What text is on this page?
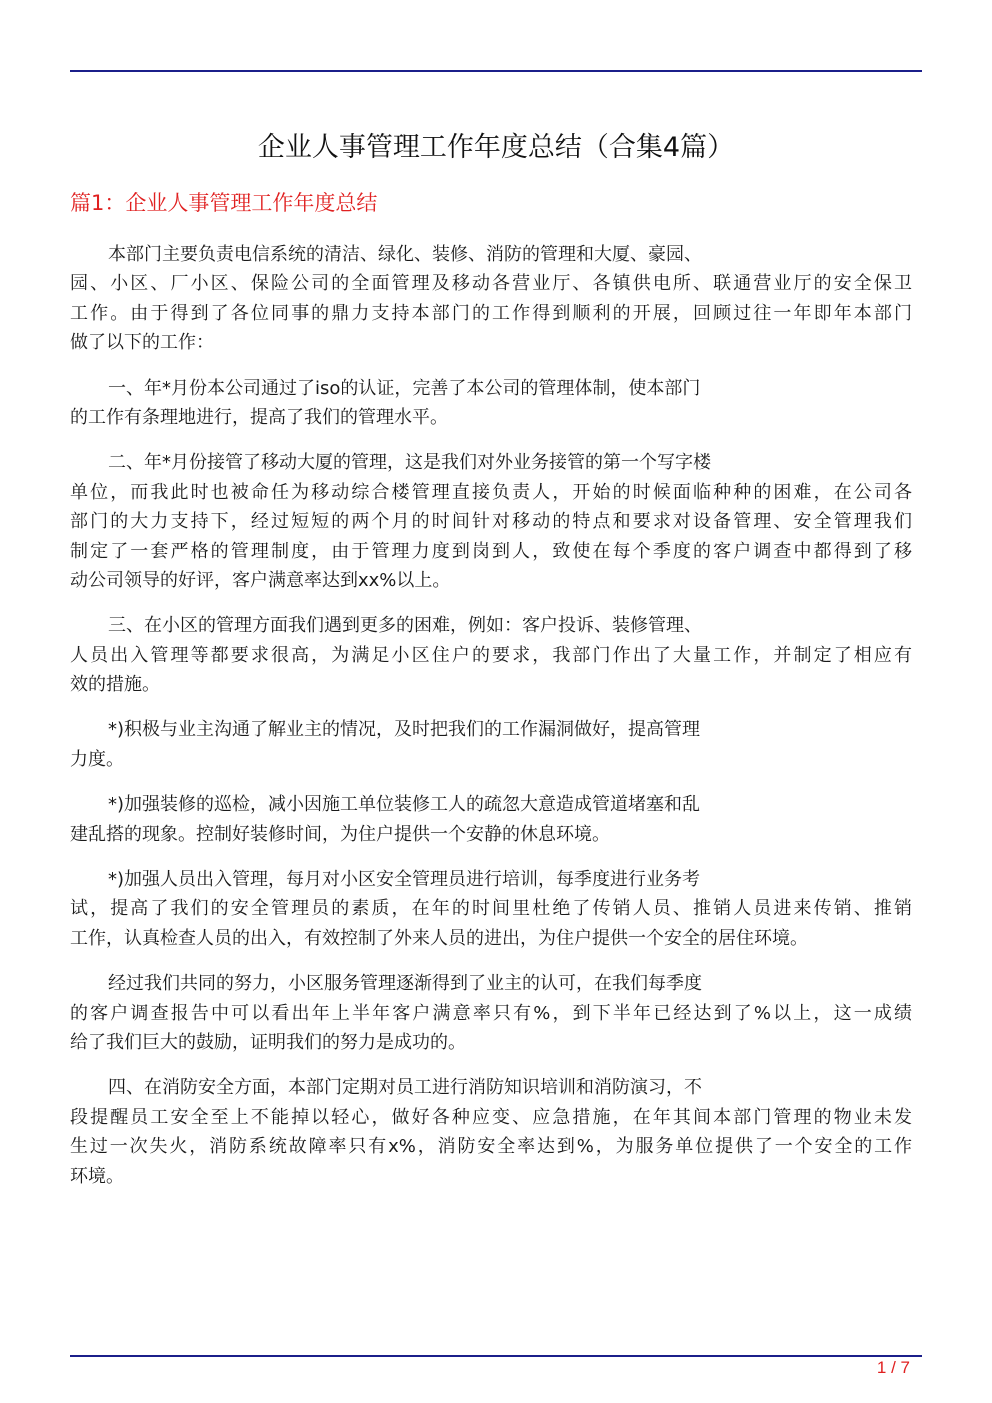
企业人事管理工作年度总结（合集4篇）
篇1：企业人事管理工作年度总结
本部门主要负责电信系统的清洁、绿化、装修、消防的管理和大厦、豪园、
园、小区、厂小区、保险公司的全面管理及移动各营业厅、各镇供电所、联通营业厅的安全保卫
工作。由于得到了各位同事的鼎力支持本部门的工作得到顺利的开展，回顾过往一年即年本部门
做了以下的工作：
一、年*月份本公司通过了iso的认证，完善了本公司的管理体制，使本部门
的工作有条理地进行，提高了我们的管理水平。
二、年*月份接管了移动大厦的管理，这是我们对外业务接管的第一个写字楼
单位，而我此时也被命任为移动综合楼管理直接负责人，开始的时候面临种种的困难，在公司各
部门的大力支持下，经过短短的两个月的时间针对移动的特点和要求对设备管理、安全管理我们
制定了一套严格的管理制度，由于管理力度到岗到人，致使在每个季度的客户调查中都得到了移
动公司领导的好评，客户满意率达到xx%以上。
三、在小区的管理方面我们遇到更多的困难，例如：客户投诉、装修管理、
人员出入管理等都要求很高，为满足小区住户的要求，我部门作出了大量工作，并制定了相应有
效的措施。
*)积极与业主沟通了解业主的情况，及时把我们的工作漏洞做好，提高管理
力度。
*)加强装修的巡检，减小因施工单位装修工人的疏忽大意造成管道堵塞和乱
建乱搭的现象。控制好装修时间，为住户提供一个安静的休息环境。
*)加强人员出入管理，每月对小区安全管理员进行培训，每季度进行业务考
试，提高了我们的安全管理员的素质，在年的时间里杜绝了传销人员、推销人员进来传销、推销
工作，认真检查人员的出入，有效控制了外来人员的进出，为住户提供一个安全的居住环境。
经过我们共同的努力，小区服务管理逐渐得到了业主的认可，在我们每季度
的客户调查报告中可以看出年上半年客户满意率只有%，到下半年已经达到了%以上，这一成绩
给了我们巨大的鼓励，证明我们的努力是成功的。
四、在消防安全方面，本部门定期对员工进行消防知识培训和消防演习，不
段提醒员工安全至上不能掉以轻心，做好各种应变、应急措施，在年其间本部门管理的物业未发
生过一次失火，消防系统故障率只有x%，消防安全率达到%，为服务单位提供了一个安全的工作
环境。
1 / 7
